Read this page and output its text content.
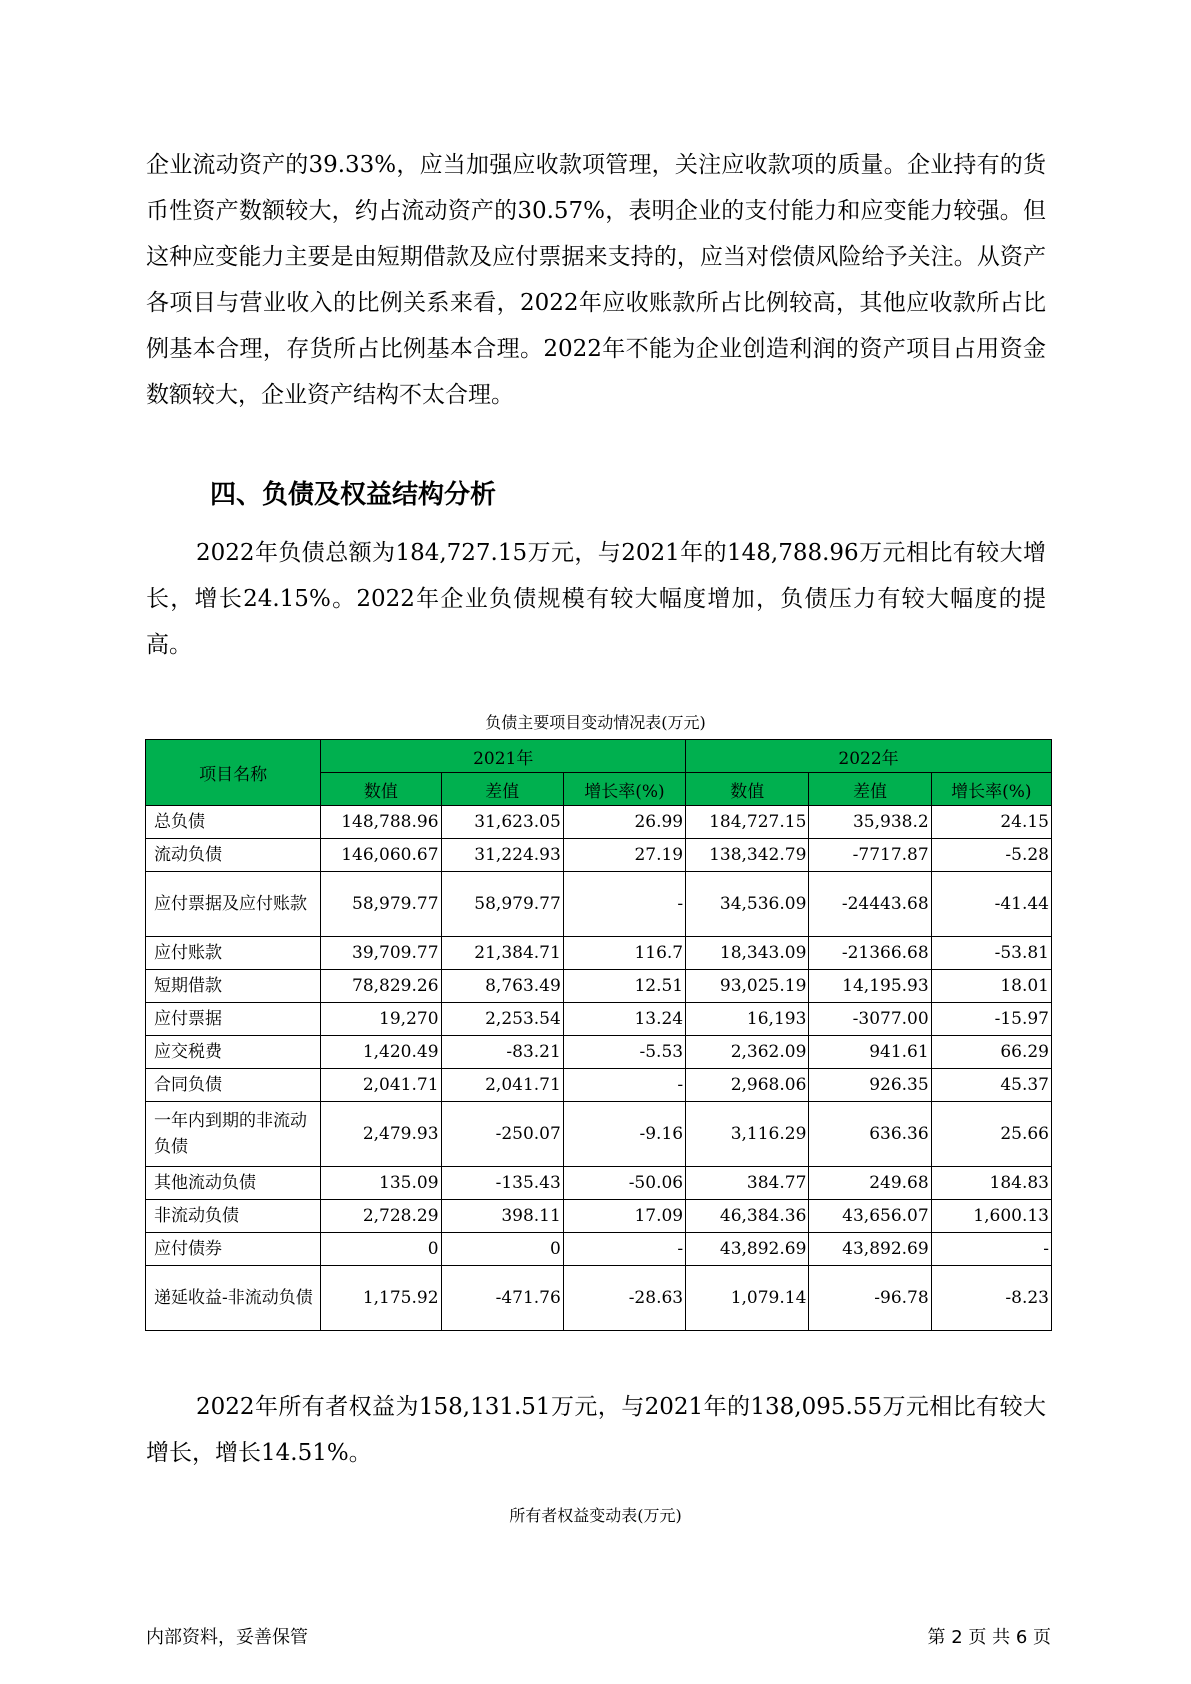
企业流动资产的39.33%，应当加强应收款项管理，关注应收款项的质量。企业持有的货币性资产数额较大，约占流动资产的30.57%，表明企业的支付能力和应变能力较强。但这种应变能力主要是由短期借款及应付票据来支持的，应当对偿债风险给予关注。从资产各项目与营业收入的比例关系来看，2022年应收账款所占比例较高，其他应收款所占比例基本合理，存货所占比例基本合理。2022年不能为企业创造利润的资产项目占用资金数额较大，企业资产结构不太合理。

四、负债及权益结构分析

2022年负债总额为184,727.15万元，与2021年的148,788.96万元相比有较大增长，增长24.15%。2022年企业负债规模有较大幅度增加，负债压力有较大幅度的提高。

负债主要项目变动情况表(万元)
项目名称	2021年			2022年		
	数值	差值	增长率(%)	数值	差值	增长率(%)
总负债	148,788.96	31,623.05	26.99	184,727.15	35,938.2	24.15
流动负债	146,060.67	31,224.93	27.19	138,342.79	-7717.87	-5.28
应付票据及应付账款	58,979.77	58,979.77	-	34,536.09	-24443.68	-41.44
应付账款	39,709.77	21,384.71	116.7	18,343.09	-21366.68	-53.81
短期借款	78,829.26	8,763.49	12.51	93,025.19	14,195.93	18.01
应付票据	19,270	2,253.54	13.24	16,193	-3077.00	-15.97
应交税费	1,420.49	-83.21	-5.53	2,362.09	941.61	66.29
合同负债	2,041.71	2,041.71	-	2,968.06	926.35	45.37
一年内到期的非流动负债	2,479.93	-250.07	-9.16	3,116.29	636.36	25.66
其他流动负债	135.09	-135.43	-50.06	384.77	249.68	184.83
非流动负债	2,728.29	398.11	17.09	46,384.36	43,656.07	1,600.13
应付债券	0	0	-	43,892.69	43,892.69	-
递延收益-非流动负债	1,175.92	-471.76	-28.63	1,079.14	-96.78	-8.23

2022年所有者权益为158,131.51万元，与2021年的138,095.55万元相比有较大增长，增长14.51%。

所有者权益变动表(万元)
内部资料，妥善保管	第 2 页 共 6 页
